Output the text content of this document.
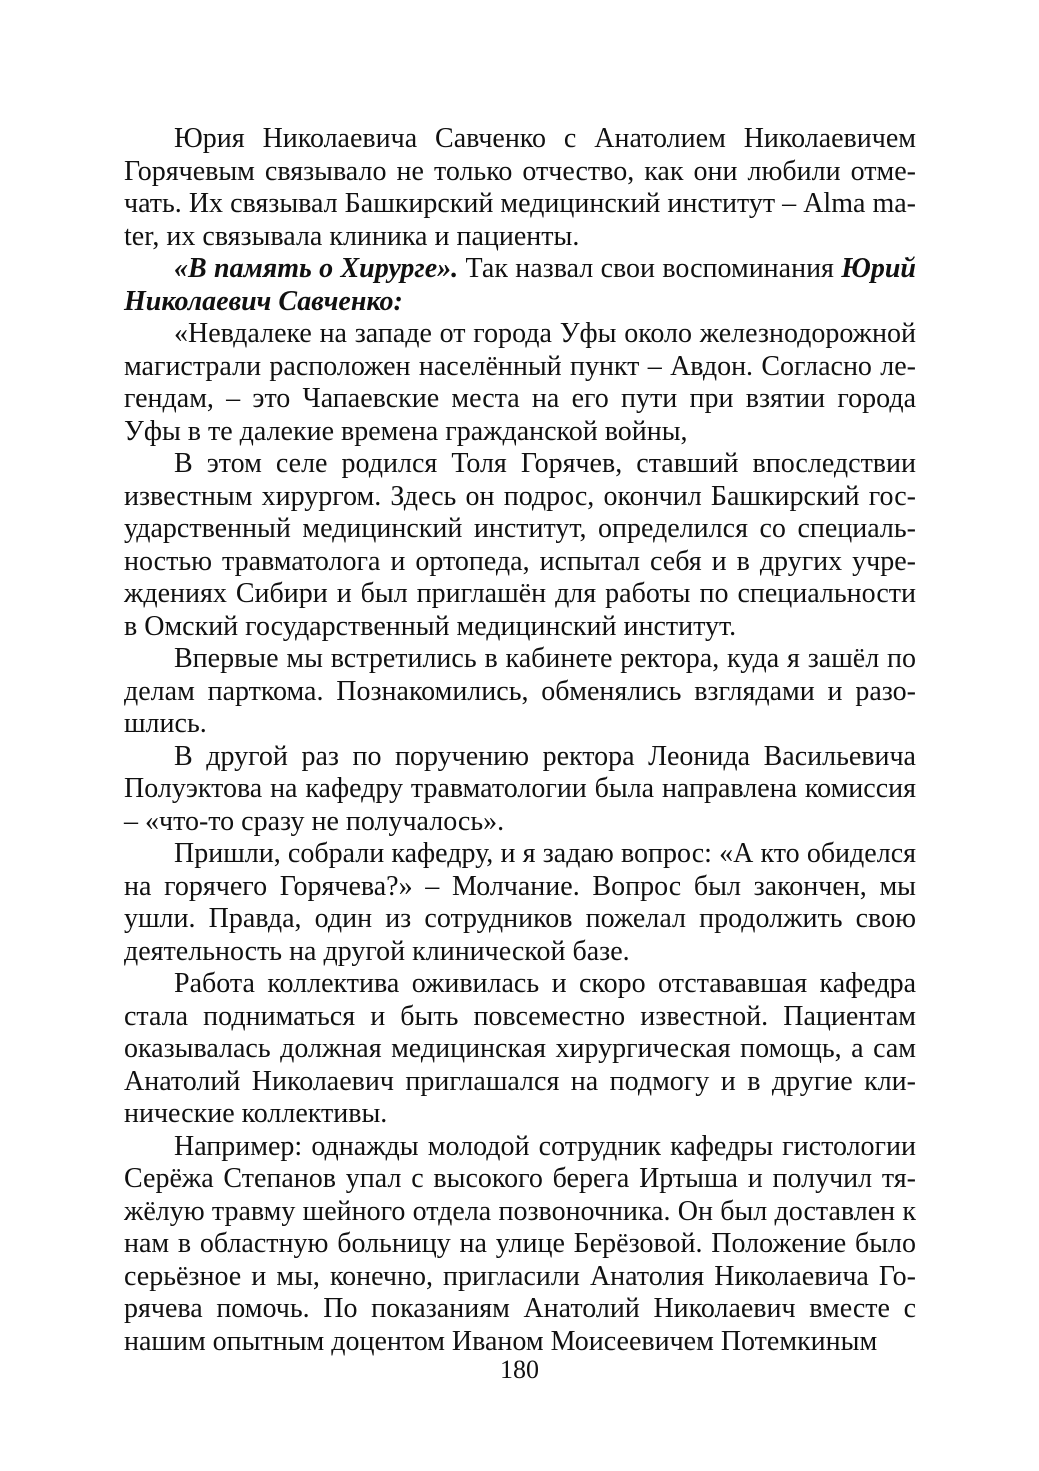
Юрия Николаевича Савченко с Анатолием Николаевичем Горячевым связывало не только отчество, как они любили отмечать. Их связывал Башкирский медицинский институт – Alma mater, их связывала клиника и пациенты.

«В память о Хирурге». Так назвал свои воспоминания Юрий Николаевич Савченко:

«Невдалеке на западе от города Уфы около железнодорожной магистрали расположен населённый пункт – Авдон. Согласно легендам, – это Чапаевские места на его пути при взятии города Уфы в те далекие времена гражданской войны,

В этом селе родился Толя Горячев, ставший впоследствии известным хирургом. Здесь он подрос, окончил Башкирский государственный медицинский институт, определился со специальностью травматолога и ортопеда, испытал себя и в других учреждениях Сибири и был приглашён для работы по специальности в Омский государственный медицинский институт.

Впервые мы встретились в кабинете ректора, куда я зашёл по делам парткома. Познакомились, обменялись взглядами и разошлись.

В другой раз по поручению ректора Леонида Васильевича Полуэктова на кафедру травматологии была направлена комиссия – «что-то сразу не получалось».

Пришли, собрали кафедру, и я задаю вопрос: «А кто обиделся на горячего Горячева?» – Молчание. Вопрос был закончен, мы ушли. Правда, один из сотрудников пожелал продолжить свою деятельность на другой клинической базе.

Работа коллектива оживилась и скоро отстававшая кафедра стала подниматься и быть повсеместно известной. Пациентам оказывалась должная медицинская хирургическая помощь, а сам Анатолий Николаевич приглашался на подмогу и в другие клинические коллективы.

Например: однажды молодой сотрудник кафедры гистологии Серёжа Степанов упал с высокого берега Иртыша и получил тяжёлую травму шейного отдела позвоночника. Он был доставлен к нам в областную больницу на улице Берёзовой. Положение было серьёзное и мы, конечно, пригласили Анатолия Николаевича Горячева помочь. По показаниям Анатолий Николаевич вместе с нашим опытным доцентом Иваном Моисеевичем Потемкиным

180
